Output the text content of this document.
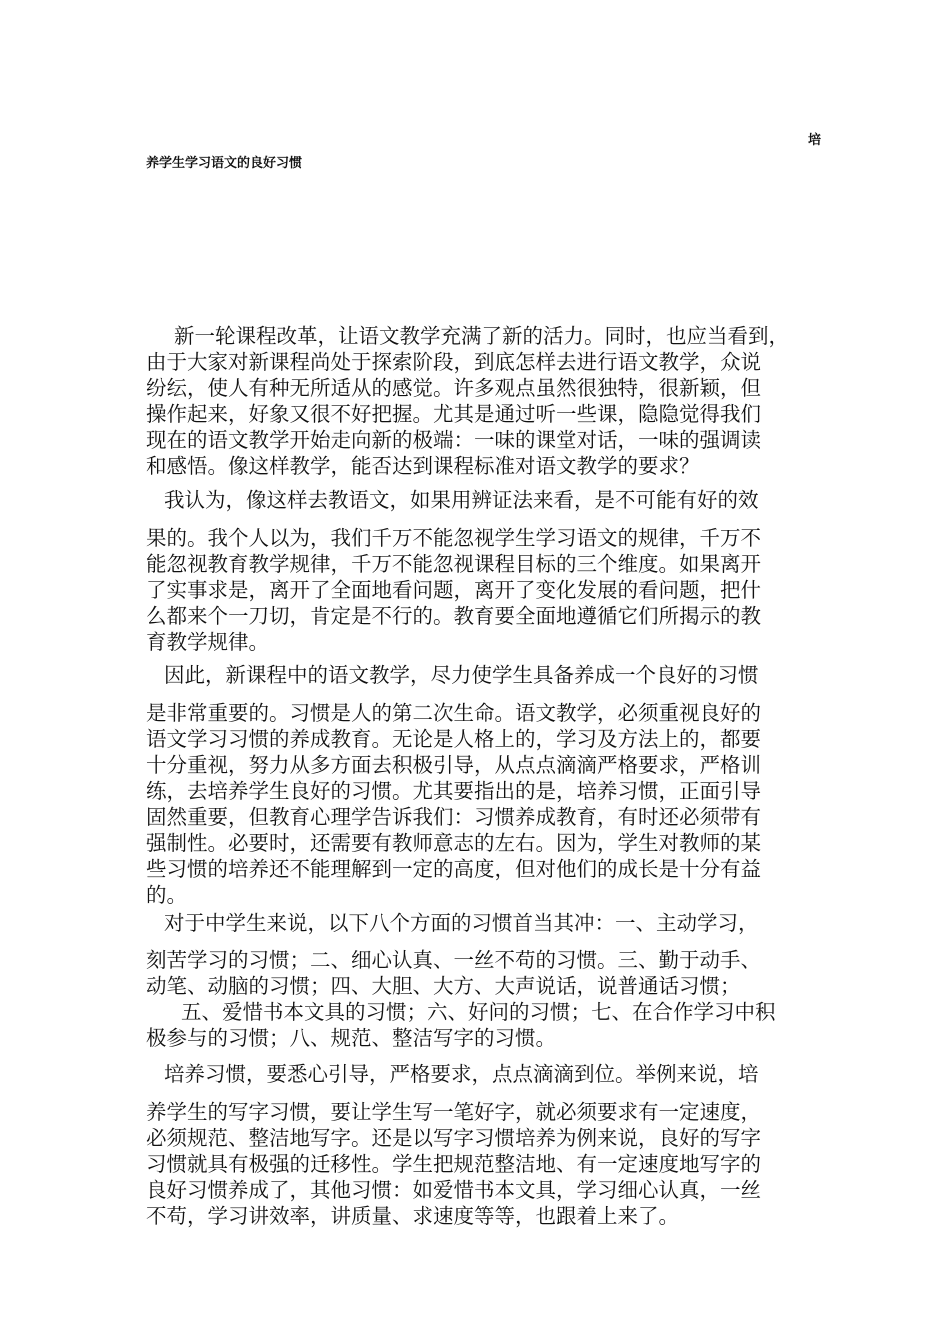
培
养学生学习语文的良好习惯
新一轮课程改革，让语文教学充满了新的活力。同时，也应当看到，
由于大家对新课程尚处于探索阶段，到底怎样去进行语文教学，众说
纷纭，使人有种无所适从的感觉。许多观点虽然很独特，很新颖，但
操作起来，好象又很不好把握。尤其是通过听一些课，隐隐觉得我们
现在的语文教学开始走向新的极端：一味的课堂对话，一味的强调读
和感悟。像这样教学，能否达到课程标准对语文教学的要求？
我认为，像这样去教语文，如果用辨证法来看，是不可能有好的效
果的。我个人以为，我们千万不能忽视学生学习语文的规律，千万不
能忽视教育教学规律，千万不能忽视课程目标的三个维度。如果离开
了实事求是，离开了全面地看问题，离开了变化发展的看问题，把什
么都来个一刀切，肯定是不行的。教育要全面地遵循它们所揭示的教
育教学规律。
因此，新课程中的语文教学，尽力使学生具备养成一个良好的习惯
是非常重要的。习惯是人的第二次生命。语文教学，必须重视良好的
语文学习习惯的养成教育。无论是人格上的，学习及方法上的，都要
十分重视，努力从多方面去积极引导，从点点滴滴严格要求，严格训
练，去培养学生良好的习惯。尤其要指出的是，培养习惯，正面引导
固然重要，但教育心理学告诉我们：习惯养成教育，有时还必须带有
强制性。必要时，还需要有教师意志的左右。因为，学生对教师的某
些习惯的培养还不能理解到一定的高度，但对他们的成长是十分有益
的。
对于中学生来说，以下八个方面的习惯首当其冲：一、主动学习，
刻苦学习的习惯；二、细心认真、一丝不苟的习惯。三、勤于动手、
动笔、动脑的习惯；四、大胆、大方、大声说话，说普通话习惯；
五、爱惜书本文具的习惯；六、好问的习惯；七、在合作学习中积
极参与的习惯；八、规范、整洁写字的习惯。
培养习惯，要悉心引导，严格要求，点点滴滴到位。举例来说，培
养学生的写字习惯，要让学生写一笔好字，就必须要求有一定速度，
必须规范、整洁地写字。还是以写字习惯培养为例来说，良好的写字
习惯就具有极强的迁移性。学生把规范整洁地、有一定速度地写字的
良好习惯养成了，其他习惯：如爱惜书本文具，学习细心认真，一丝
不苟，学习讲效率，讲质量、求速度等等，也跟着上来了。
